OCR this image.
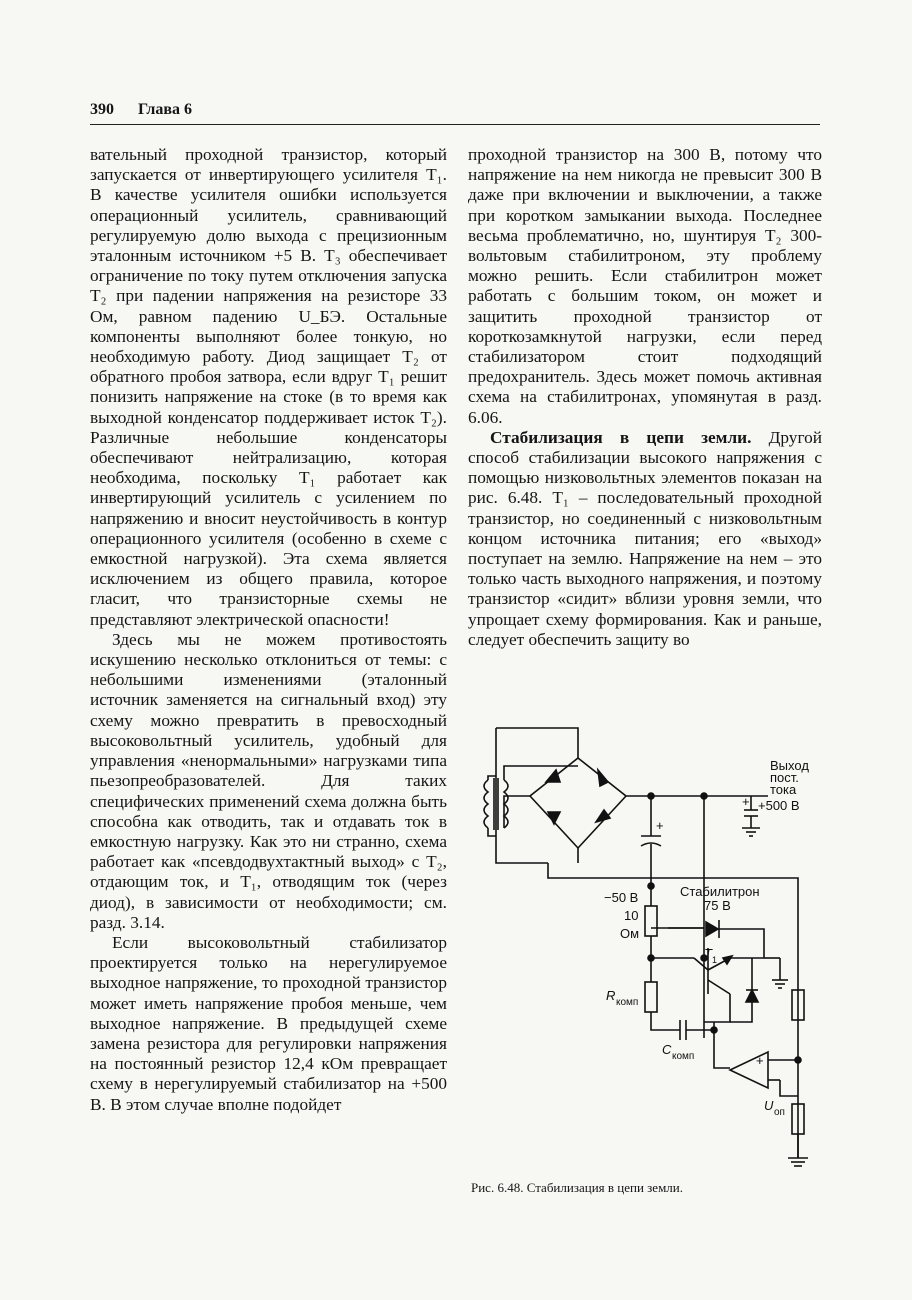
390 Глава 6

вательный проходной транзистор, который запускается от инвертирующего усилителя T₁. В качестве усилителя ошибки используется операционный усилитель, сравнивающий регулируемую долю выхода с прецизионным эталонным источником +5 В. T₃ обеспечивает ограничение по току путем отключения запуска T₂ при падении напряжения на резисторе 33 Ом, равном падению U_БЭ. Остальные компоненты выполняют более тонкую, но необходимую работу. Диод защищает T₂ от обратного пробоя затвора, если вдруг T₁ решит понизить напряжение на стоке (в то время как выходной конденсатор поддерживает исток T₂). Различные небольшие конденсаторы обеспечивают нейтрализацию, которая необходима, поскольку T₁ работает как инвертирующий усилитель с усилением по напряжению и вносит неустойчивость в контур операционного усилителя (особенно в схеме с емкостной нагрузкой). Эта схема является исключением из общего правила, которое гласит, что транзисторные схемы не представляют электрической опасности!

Здесь мы не можем противостоять искушению несколько отклониться от темы: с небольшими изменениями (эталонный источник заменяется на сигнальный вход) эту схему можно превратить в превосходный высоковольтный усилитель, удобный для управления «ненормальными» нагрузками типа пьезопреобразователей. Для таких специфических применений схема должна быть способна как отводить, так и отдавать ток в емкостную нагрузку. Как это ни странно, схема работает как «псевдодвухтактный выход» с T₂, отдающим ток, и T₁, отводящим ток (через диод), в зависимости от необходимости; см. разд. 3.14.

Если высоковольтный стабилизатор проектируется только на нерегулируемое выходное напряжение, то проходной транзистор может иметь напряжение пробоя меньше, чем выходное напряжение. В предыдущей схеме замена резистора для регулировки напряжения на постоянный резистор 12,4 кОм превращает схему в нерегулируемый стабилизатор на +500 В. В этом случае вполне подойдет

проходной транзистор на 300 В, потому что напряжение на нем никогда не превысит 300 В даже при включении и выключении, а также при коротком замыкании выхода. Последнее весьма проблематично, но, шунтируя T₂ 300-вольтовым стабилитроном, эту проблему можно решить. Если стабилитрон может работать с большим током, он может и защитить проходной транзистор от короткозамкнутой нагрузки, если перед стабилизатором стоит подходящий предохранитель. Здесь может помочь активная схема на стабилитронах, упомянутая в разд. 6.06.

Стабилизация в цепи земли. Другой способ стабилизации высокого напряжения с помощью низковольтных элементов показан на рис. 6.48. T₁ – последовательный проходной транзистор, но соединенный с низковольтным концом источника питания; его «выход» поступает на землю. Напряжение на нем – это только часть выходного напряжения, и поэтому транзистор «сидит» вблизи уровня земли, что упрощает схему формирования. Как и раньше, следует обеспечить защиту во

Выход
пост.
тока
+500 В
+
+
−50 В
10
Ом
Стабилитрон
75 В
T 1
R комп
C комп
U оп
+
Рис. 6.48. Стабилизация в цепи земли.
